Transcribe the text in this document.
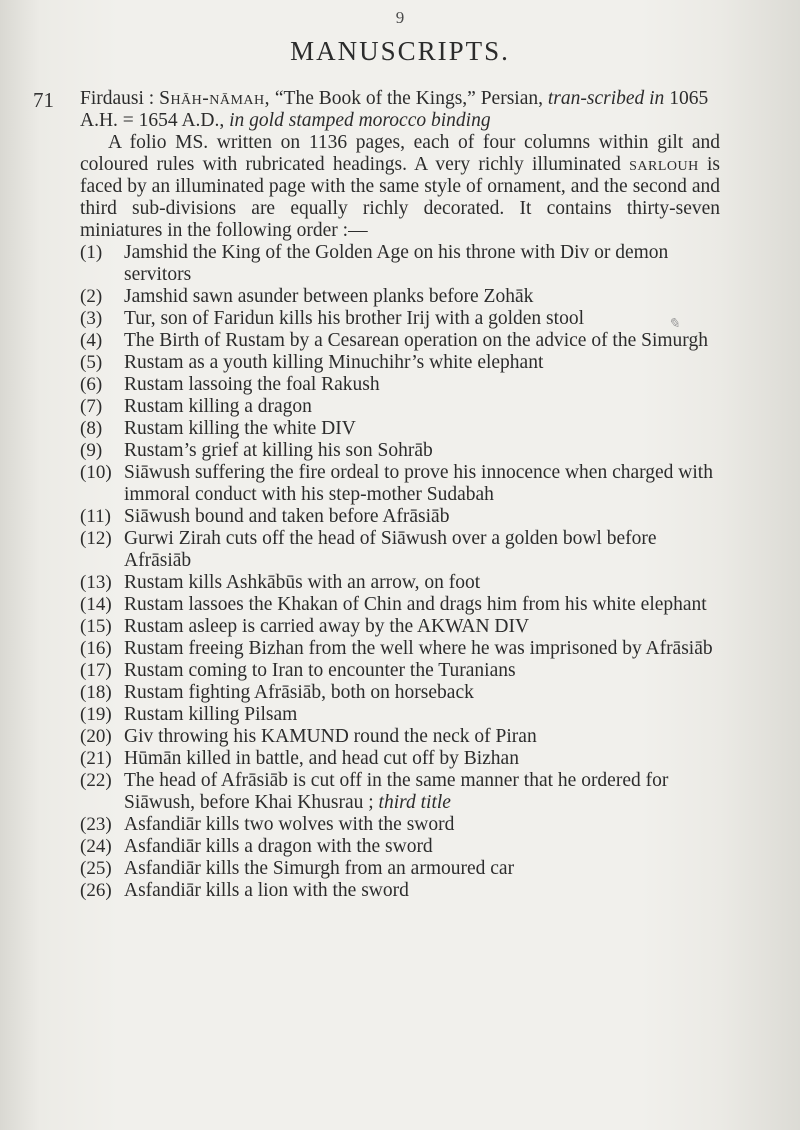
9
MANUSCRIPTS.
71 Firdausi : Shāh-nāmah, “The Book of the Kings,” Persian, tran-scribed in 1065 A.H. = 1654 A.D., in gold stamped morocco binding

A folio MS. written on 1136 pages, each of four columns within gilt and coloured rules with rubricated headings. A very richly illuminated sarlouh is faced by an illuminated page with the same style of ornament, and the second and third sub-divisions are equally richly decorated. It contains thirty-seven miniatures in the following order :—

(1)	Jamshid the King of the Golden Age on his throne with Div or demon servitors
(2)	Jamshid sawn asunder between planks before Zohāk
(3)	Tur, son of Faridun kills his brother Irij with a golden stool
(4)	The Birth of Rustam by a Cesarean operation on the advice of the Simurgh
(5)	Rustam as a youth killing Minuchihr’s white elephant
(6)	Rustam lassoing the foal Rakush
(7)	Rustam killing a dragon
(8)	Rustam killing the white DIV
(9)	Rustam’s grief at killing his son Sohrāb
(10) Siāwush suffering the fire ordeal to prove his innocence when charged with immoral conduct with his step-mother Sudabah
(11) Siāwush bound and taken before Afrāsiāb
(12) Gurwi Zirah cuts off the head of Siāwush over a golden bowl before Afrāsiāb
(13) Rustam kills Ashkābūs with an arrow, on foot
(14) Rustam lassoes the Khakan of Chin and drags him from his white elephant
(15) Rustam asleep is carried away by the AKWAN DIV
(16) Rustam freeing Bizhan from the well where he was imprisoned by Afrāsiāb
(17) Rustam coming to Iran to encounter the Turanians
(18) Rustam fighting Afrāsiāb, both on horseback
(19) Rustam killing Pilsam
(20) Giv throwing his KAMUND round the neck of Piran
(21) Hūmān killed in battle, and head cut off by Bizhan
(22) The head of Afrāsiāb is cut off in the same manner that he ordered for Siāwush, before Khai Khusrau ; third title
(23) Asfandiār kills two wolves with the sword
(24) Asfandiār kills a dragon with the sword
(25) Asfandiār kills the Simurgh from an armoured car
(26) Asfandiār kills a lion with the sword
✎
